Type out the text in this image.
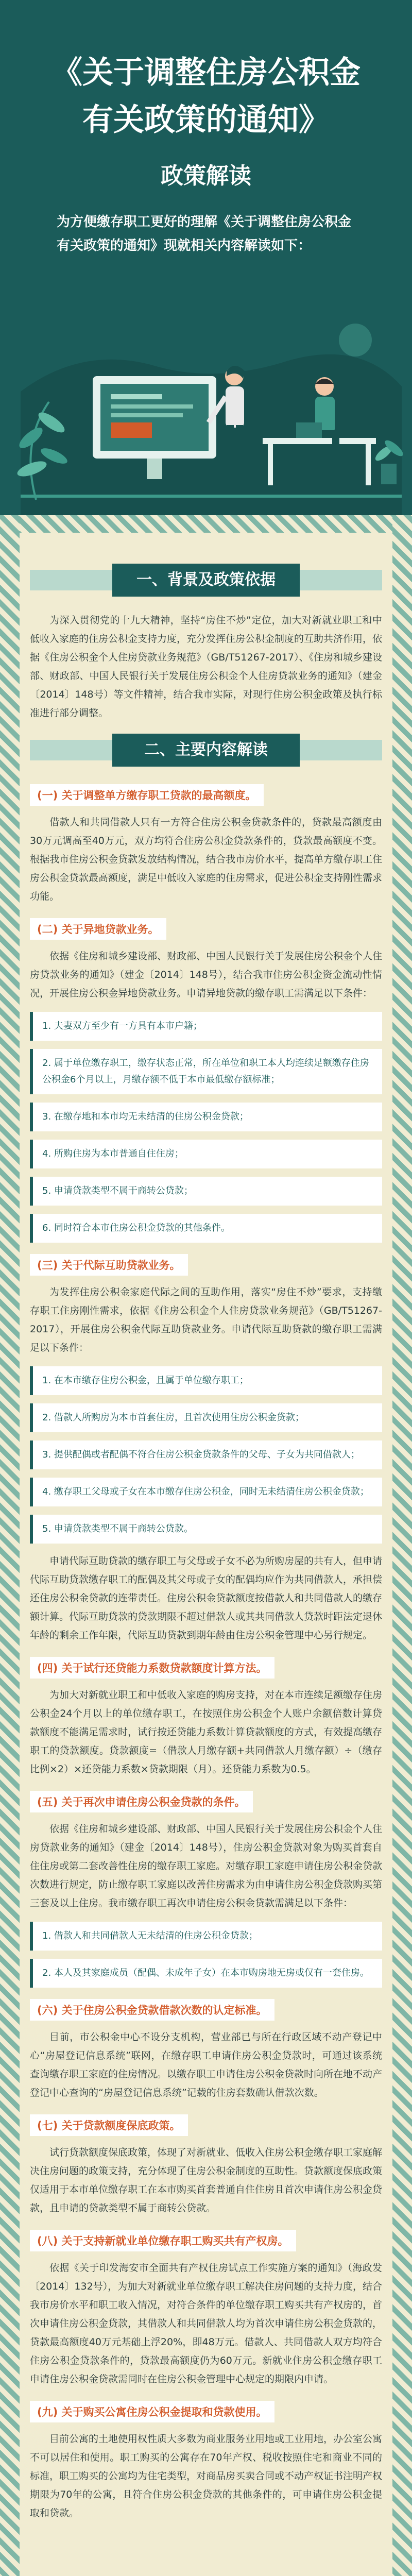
《关于调整住房公积金
有关政策的通知》
政策解读
为方便缴存职工更好的理解《关于调整住房公积金有关政策的通知》现就相关内容解读如下：
一、背景及政策依据

为深入贯彻党的十九大精神，坚持“房住不炒”定位，加大对新就业职工和中低收入家庭的住房公积金支持力度，充分发挥住房公积金制度的互助共济作用，依据《住房公积金个人住房贷款业务规范》（GB/T51267-2017）、《住房和城乡建设部、财政部、中国人民银行关于发展住房公积金个人住房贷款业务的通知》（建金〔2014〕148号）等文件精神，结合我市实际，对现行住房公积金政策及执行标准进行部分调整。

二、主要内容解读
(一) 关于调整单方缴存职工贷款的最高额度。

借款人和共同借款人只有一方符合住房公积金贷款条件的，贷款最高额度由30万元调高至40万元，双方均符合住房公积金贷款条件的，贷款最高额度不变。根据我市住房公积金贷款发放结构情况，结合我市房价水平，提高单方缴存职工住房公积金贷款最高额度，满足中低收入家庭的住房需求，促进公积金支持刚性需求功能。

(二) 关于异地贷款业务。

依据《住房和城乡建设部、财政部、中国人民银行关于发展住房公积金个人住房贷款业务的通知》（建金〔2014〕148号），结合我市住房公积金资金流动性情况，开展住房公积金异地贷款业务。申请异地贷款的缴存职工需满足以下条件：

1. 夫妻双方至少有一方具有本市户籍；
2. 属于单位缴存职工，缴存状态正常，所在单位和职工本人均连续足额缴存住房公积金6个月以上，月缴存额不低于本市最低缴存额标准；
3. 在缴存地和本市均无未结清的住房公积金贷款；
4. 所购住房为本市普通自住住房；
5. 申请贷款类型不属于商转公贷款；
6. 同时符合本市住房公积金贷款的其他条件。
(三) 关于代际互助贷款业务。

为发挥住房公积金家庭代际之间的互助作用，落实“房住不炒”要求，支持缴存职工住房刚性需求，依据《住房公积金个人住房贷款业务规范》（GB/T51267-2017），开展住房公积金代际互助贷款业务。申请代际互助贷款的缴存职工需满足以下条件：

1. 在本市缴存住房公积金，且属于单位缴存职工；
2. 借款人所购房为本市首套住房，且首次使用住房公积金贷款；
3. 提供配偶或者配偶不符合住房公积金贷款条件的父母、子女为共同借款人；
4. 缴存职工父母或子女在本市缴存住房公积金，同时无未结清住房公积金贷款；
5. 申请贷款类型不属于商转公贷款。

申请代际互助贷款的缴存职工与父母或子女不必为所购房屋的共有人，但申请代际互助贷款缴存职工的配偶及其父母或子女的配偶均应作为共同借款人，承担偿还住房公积金贷款的连带责任。住房公积金贷款额度按借款人和共同借款人的缴存额计算。代际互助贷款的贷款期限不超过借款人或其共同借款人贷款时距法定退休年龄的剩余工作年限，代际互助贷款到期年龄由住房公积金管理中心另行规定。

(四) 关于试行还贷能力系数贷款额度计算方法。

为加大对新就业职工和中低收入家庭的购房支持，对在本市连续足额缴存住房公积金24个月以上的单位缴存职工，在按照住房公积金个人账户余额倍数计算贷款额度不能满足需求时，试行按还贷能力系数计算贷款额度的方式，有效提高缴存职工的贷款额度。贷款额度=（借款人月缴存额+共同借款人月缴存额）÷（缴存比例×2）×还贷能力系数×贷款期限（月）。还贷能力系数为0.5。

(五) 关于再次申请住房公积金贷款的条件。

依据《住房和城乡建设部、财政部、中国人民银行关于发展住房公积金个人住房贷款业务的通知》（建金〔2014〕148号），住房公积金贷款对象为购买首套自住住房或第二套改善性住房的缴存职工家庭。对缴存职工家庭申请住房公积金贷款次数进行规定，防止缴存职工家庭以改善住房需求为由申请住房公积金贷款购买第三套及以上住房。我市缴存职工再次申请住房公积金贷款需满足以下条件：

1. 借款人和共同借款人无未结清的住房公积金贷款；
2. 本人及其家庭成员（配偶、未成年子女）在本市购房地无房或仅有一套住房。
(六) 关于住房公积金贷款借款次数的认定标准。

目前，市公积金中心不设分支机构，营业部已与所在行政区域不动产登记中心“房屋登记信息系统”联网，在缴存职工申请住房公积金贷款时，可通过该系统查询缴存职工家庭的住房情况。以缴存职工申请住房公积金贷款时向所在地不动产登记中心查询的“房屋登记信息系统”记载的住房套数确认借款次数。

(七) 关于贷款额度保底政策。

试行贷款额度保底政策，体现了对新就业、低收入住房公积金缴存职工家庭解决住房问题的政策支持，充分体现了住房公积金制度的互助性。贷款额度保底政策仅适用于本市单位缴存职工在本市购买首套普通自住住房且首次申请住房公积金贷款，且申请的贷款类型不属于商转公贷款。

(八) 关于支持新就业单位缴存职工购买共有产权房。

依据《关于印发海安市全面共有产权住房试点工作实施方案的通知》（海政发〔2014〕132号），为加大对新就业单位缴存职工解决住房问题的支持力度，结合我市房价水平和职工收入情况，对符合条件的单位缴存职工购买共有产权房的，首次申请住房公积金贷款，其借款人和共同借款人均为首次申请住房公积金贷款的，贷款最高额度40万元基础上浮20%，即48万元。借款人、共同借款人双方均符合住房公积金贷款条件的，贷款最高额度仍为60万元。新就业住房公积金缴存职工申请住房公积金贷款需同时在住房公积金管理中心规定的期限内申请。

(九) 关于购买公寓住房公积金提取和贷款使用。

目前公寓的土地使用权性质大多数为商业服务业用地或工业用地，办公室公寓不可以居住和使用。职工购买的公寓存在70年产权、税收按照住宅和商业不同的标准，职工购买的公寓均为住宅类型，对商品房买卖合同或不动产权证书注明产权期限为70年的公寓，且符合住房公积金贷款的其他条件的，可申请住房公积金提取和贷款。
